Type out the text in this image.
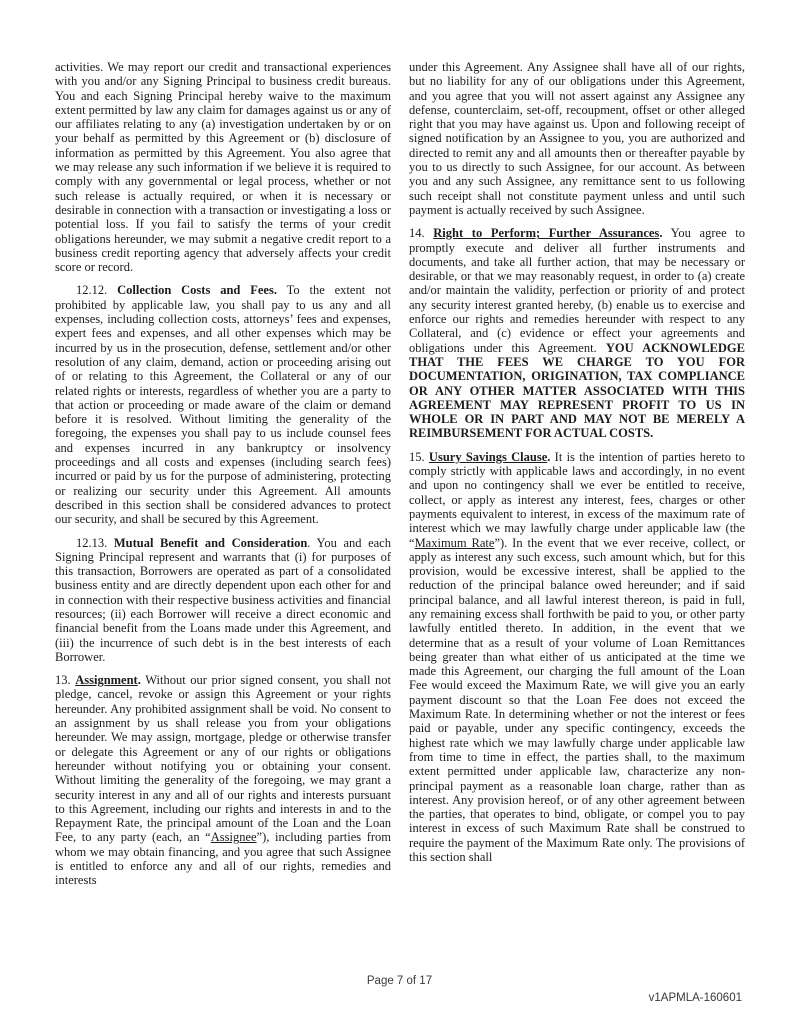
activities. We may report our credit and transactional experiences with you and/or any Signing Principal to business credit bureaus. You and each Signing Principal hereby waive to the maximum extent permitted by law any claim for damages against us or any of our affiliates relating to any (a) investigation undertaken by or on your behalf as permitted by this Agreement or (b) disclosure of information as permitted by this Agreement. You also agree that we may release any such information if we believe it is required to comply with any governmental or legal process, whether or not such release is actually required, or when it is necessary or desirable in connection with a transaction or investigating a loss or potential loss. If you fail to satisfy the terms of your credit obligations hereunder, we may submit a negative credit report to a business credit reporting agency that adversely affects your credit score or record.

12.12. Collection Costs and Fees. To the extent not prohibited by applicable law, you shall pay to us any and all expenses, including collection costs, attorneys’ fees and expenses, expert fees and expenses, and all other expenses which may be incurred by us in the prosecution, defense, settlement and/or other resolution of any claim, demand, action or proceeding arising out of or relating to this Agreement, the Collateral or any of our related rights or interests, regardless of whether you are a party to that action or proceeding or made aware of the claim or demand before it is resolved. Without limiting the generality of the foregoing, the expenses you shall pay to us include counsel fees and expenses incurred in any bankruptcy or insolvency proceedings and all costs and expenses (including search fees) incurred or paid by us for the purpose of administering, protecting or realizing our security under this Agreement. All amounts described in this section shall be considered advances to protect our security, and shall be secured by this Agreement.

12.13. Mutual Benefit and Consideration. You and each Signing Principal represent and warrants that (i) for purposes of this transaction, Borrowers are operated as part of a consolidated business entity and are directly dependent upon each other for and in connection with their respective business activities and financial resources; (ii) each Borrower will receive a direct economic and financial benefit from the Loans made under this Agreement, and (iii) the incurrence of such debt is in the best interests of each Borrower.

13. Assignment. Without our prior signed consent, you shall not pledge, cancel, revoke or assign this Agreement or your rights hereunder. Any prohibited assignment shall be void. No consent to an assignment by us shall release you from your obligations hereunder. We may assign, mortgage, pledge or otherwise transfer or delegate this Agreement or any of our rights or obligations hereunder without notifying you or obtaining your consent. Without limiting the generality of the foregoing, we may grant a security interest in any and all of our rights and interests pursuant to this Agreement, including our rights and interests in and to the Repayment Rate, the principal amount of the Loan and the Loan Fee, to any party (each, an “Assignee”), including parties from whom we may obtain financing, and you agree that such Assignee is entitled to enforce any and all of our rights, remedies and interests

under this Agreement. Any Assignee shall have all of our rights, but no liability for any of our obligations under this Agreement, and you agree that you will not assert against any Assignee any defense, counterclaim, set-off, recoupment, offset or other alleged right that you may have against us. Upon and following receipt of signed notification by an Assignee to you, you are authorized and directed to remit any and all amounts then or thereafter payable by you to us directly to such Assignee, for our account. As between you and any such Assignee, any remittance sent to us following such receipt shall not constitute payment unless and until such payment is actually received by such Assignee.

14. Right to Perform; Further Assurances. You agree to promptly execute and deliver all further instruments and documents, and take all further action, that may be necessary or desirable, or that we may reasonably request, in order to (a) create and/or maintain the validity, perfection or priority of and protect any security interest granted hereby, (b) enable us to exercise and enforce our rights and remedies hereunder with respect to any Collateral, and (c) evidence or effect your agreements and obligations under this Agreement. YOU ACKNOWLEDGE THAT THE FEES WE CHARGE TO YOU FOR DOCUMENTATION, ORIGINATION, TAX COMPLIANCE OR ANY OTHER MATTER ASSOCIATED WITH THIS AGREEMENT MAY REPRESENT PROFIT TO US IN WHOLE OR IN PART AND MAY NOT BE MERELY A REIMBURSEMENT FOR ACTUAL COSTS.

15. Usury Savings Clause. It is the intention of parties hereto to comply strictly with applicable laws and accordingly, in no event and upon no contingency shall we ever be entitled to receive, collect, or apply as interest any interest, fees, charges or other payments equivalent to interest, in excess of the maximum rate of interest which we may lawfully charge under applicable law (the “Maximum Rate”). In the event that we ever receive, collect, or apply as interest any such excess, such amount which, but for this provision, would be excessive interest, shall be applied to the reduction of the principal balance owed hereunder; and if said principal balance, and all lawful interest thereon, is paid in full, any remaining excess shall forthwith be paid to you, or other party lawfully entitled thereto. In addition, in the event that we determine that as a result of your volume of Loan Remittances being greater than what either of us anticipated at the time we made this Agreement, our charging the full amount of the Loan Fee would exceed the Maximum Rate, we will give you an early payment discount so that the Loan Fee does not exceed the Maximum Rate. In determining whether or not the interest or fees paid or payable, under any specific contingency, exceeds the highest rate which we may lawfully charge under applicable law from time to time in effect, the parties shall, to the maximum extent permitted under applicable law, characterize any non-principal payment as a reasonable loan charge, rather than as interest. Any provision hereof, or of any other agreement between the parties, that operates to bind, obligate, or compel you to pay interest in excess of such Maximum Rate shall be construed to require the payment of the Maximum Rate only. The provisions of this section shall

Page 7 of 17
v1APMLA-160601
